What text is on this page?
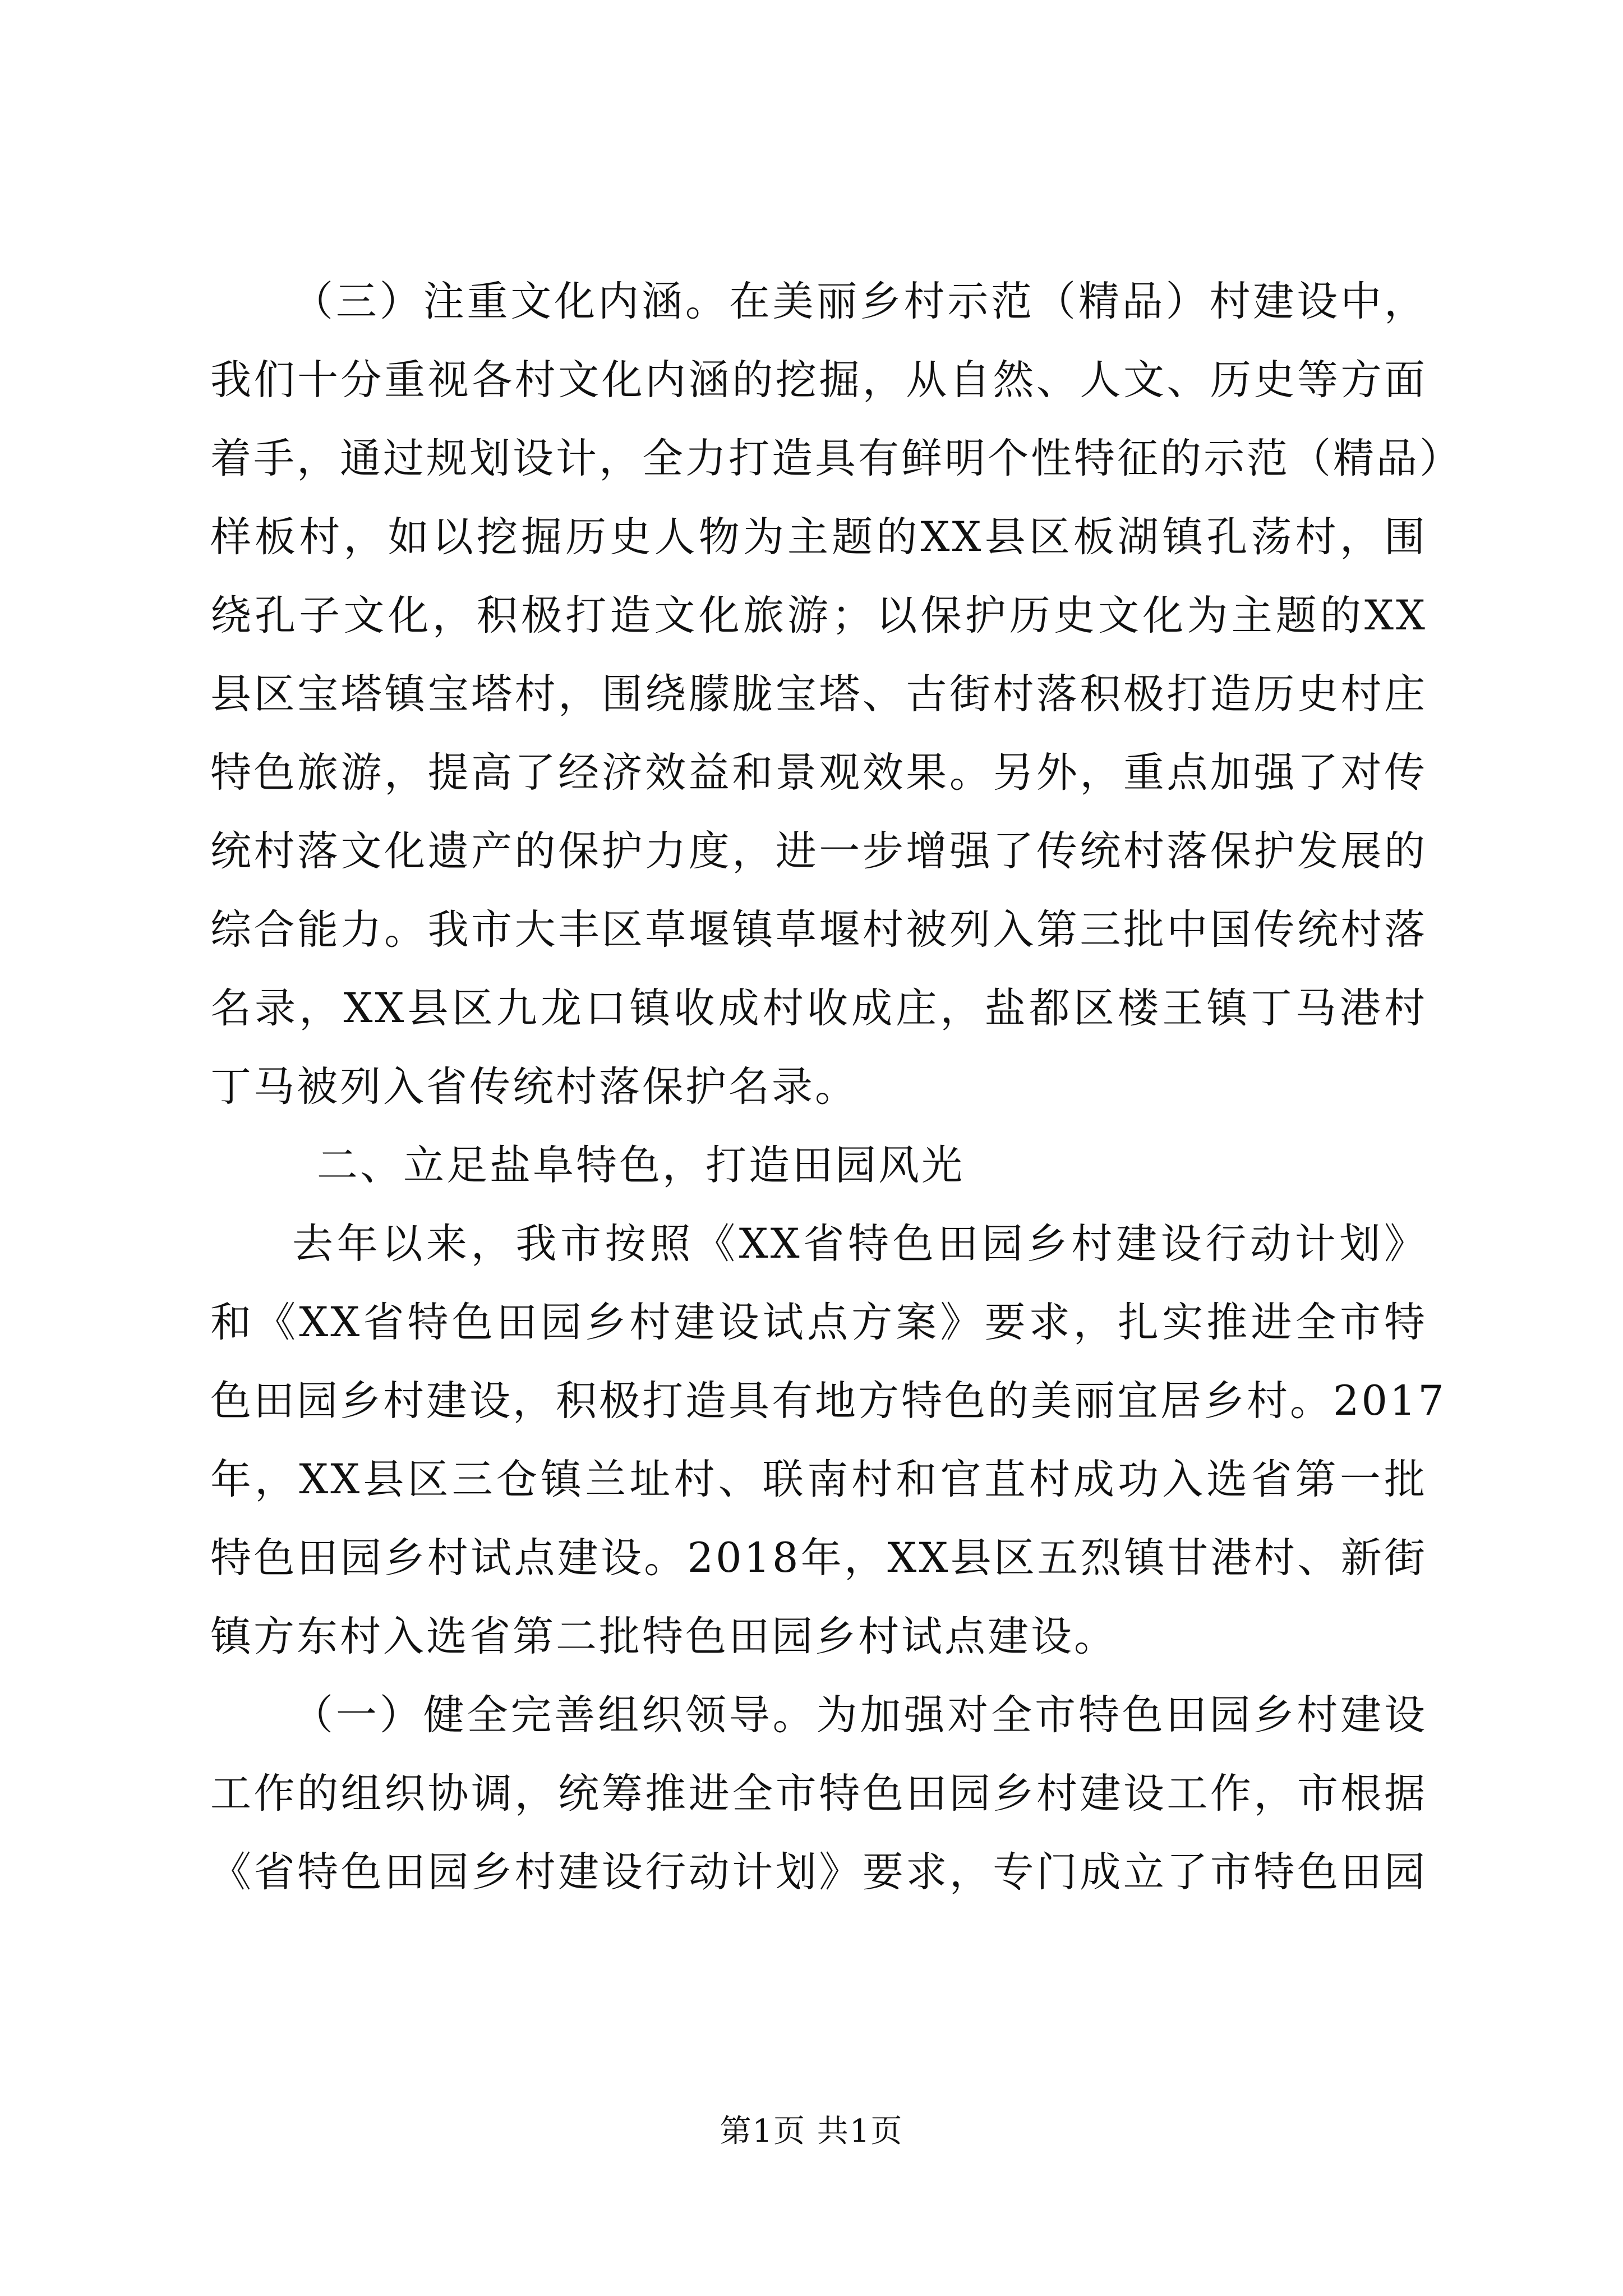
（三）注重文化内涵。在美丽乡村示范（精品）村建设中，
我们十分重视各村文化内涵的挖掘，从自然、人文、历史等方面
着手，通过规划设计，全力打造具有鲜明个性特征的示范（精品）
样板村，如以挖掘历史人物为主题的XX县区板湖镇孔荡村，围
绕孔子文化，积极打造文化旅游；以保护历史文化为主题的XX
县区宝塔镇宝塔村，围绕朦胧宝塔、古街村落积极打造历史村庄
特色旅游，提高了经济效益和景观效果。另外，重点加强了对传
统村落文化遗产的保护力度，进一步增强了传统村落保护发展的
综合能力。我市大丰区草堰镇草堰村被列入第三批中国传统村落
名录，XX县区九龙口镇收成村收成庄，盐都区楼王镇丁马港村
丁马被列入省传统村落保护名录。
二、立足盐阜特色，打造田园风光
去年以来，我市按照《XX省特色田园乡村建设行动计划》
和《XX省特色田园乡村建设试点方案》要求，扎实推进全市特
色田园乡村建设，积极打造具有地方特色的美丽宜居乡村。2017
年，XX县区三仓镇兰址村、联南村和官苴村成功入选省第一批
特色田园乡村试点建设。2018年，XX县区五烈镇甘港村、新街
镇方东村入选省第二批特色田园乡村试点建设。
（一）健全完善组织领导。为加强对全市特色田园乡村建设
工作的组织协调，统筹推进全市特色田园乡村建设工作，市根据
《省特色田园乡村建设行动计划》要求，专门成立了市特色田园
第1页 共1页
